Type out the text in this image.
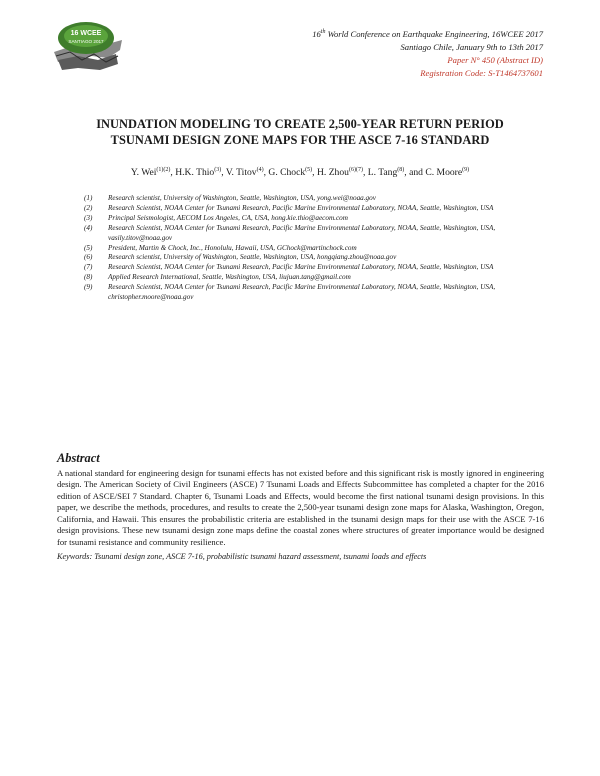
16 WCEE
SANTIAGO 2017
16th World Conference on Earthquake Engineering, 16WCEE 2017
Santiago Chile, January 9th to 13th 2017
Paper N° 450 (Abstract ID)
Registration Code: S-T1464737601
INUNDATION MODELING TO CREATE 2,500-YEAR RETURN PERIOD
TSUNAMI DESIGN ZONE MAPS FOR THE ASCE 7-16 STANDARD
Y. Wei$^{(1)(2)}$, H.K. Thio$^{(3)}$, V. Titov$^{(4)}$, G. Chock$^{(5)}$, H. Zhou$^{(6)(7)}$, L. Tang$^{(8)}$, and C. Moore$^{(9)}$
(1) Research scientist, University of Washington, Seattle, Washington, USA, yong.wei@noaa.gov
(2) Research Scientist, NOAA Center for Tsunami Research, Pacific Marine Environmental Laboratory, NOAA, Seattle, Washington, USA
(3) Principal Seismologist, AECOM Los Angeles, CA, USA, hong.kie.thio@aecom.com
(4) Research Scientist, NOAA Center for Tsunami Research, Pacific Marine Environmental Laboratory, NOAA, Seattle, Washington, USA, vasily.titov@noaa.gov
(5) President, Martin & Chock, Inc., Honolulu, Hawaii, USA, GChock@martinchock.com
(6) Research scientist, University of Washington, Seattle, Washington, USA, hongqiang.zhou@noaa.gov
(7) Research Scientist, NOAA Center for Tsunami Research, Pacific Marine Environmental Laboratory, NOAA, Seattle, Washington, USA
(8) Applied Research International, Seattle, Washington, USA, liujuan.tang@gmail.com
(9) Research Scientist, NOAA Center for Tsunami Research, Pacific Marine Environmental Laboratory, NOAA, Seattle, Washington, USA, christopher.moore@noaa.gov
Abstract
A national standard for engineering design for tsunami effects has not existed before and this significant risk is mostly ignored in engineering design. The American Society of Civil Engineers (ASCE) 7 Tsunami Loads and Effects Subcommittee has completed a chapter for the 2016 edition of ASCE/SEI 7 Standard. Chapter 6, Tsunami Loads and Effects, would become the first national tsunami design provisions. In this paper, we describe the methods, procedures, and results to create the 2,500-year tsunami design zone maps for Alaska, Washington, Oregon, California, and Hawaii. This ensures the probabilistic criteria are established in the tsunami design maps for their use with the ASCE 7-16 design provisions. These new tsunami design zone maps define the coastal zones where structures of greater importance would be designed for tsunami resistance and community resilience.
Keywords: Tsunami design zone, ASCE 7-16, probabilistic tsunami hazard assessment, tsunami loads and effects
